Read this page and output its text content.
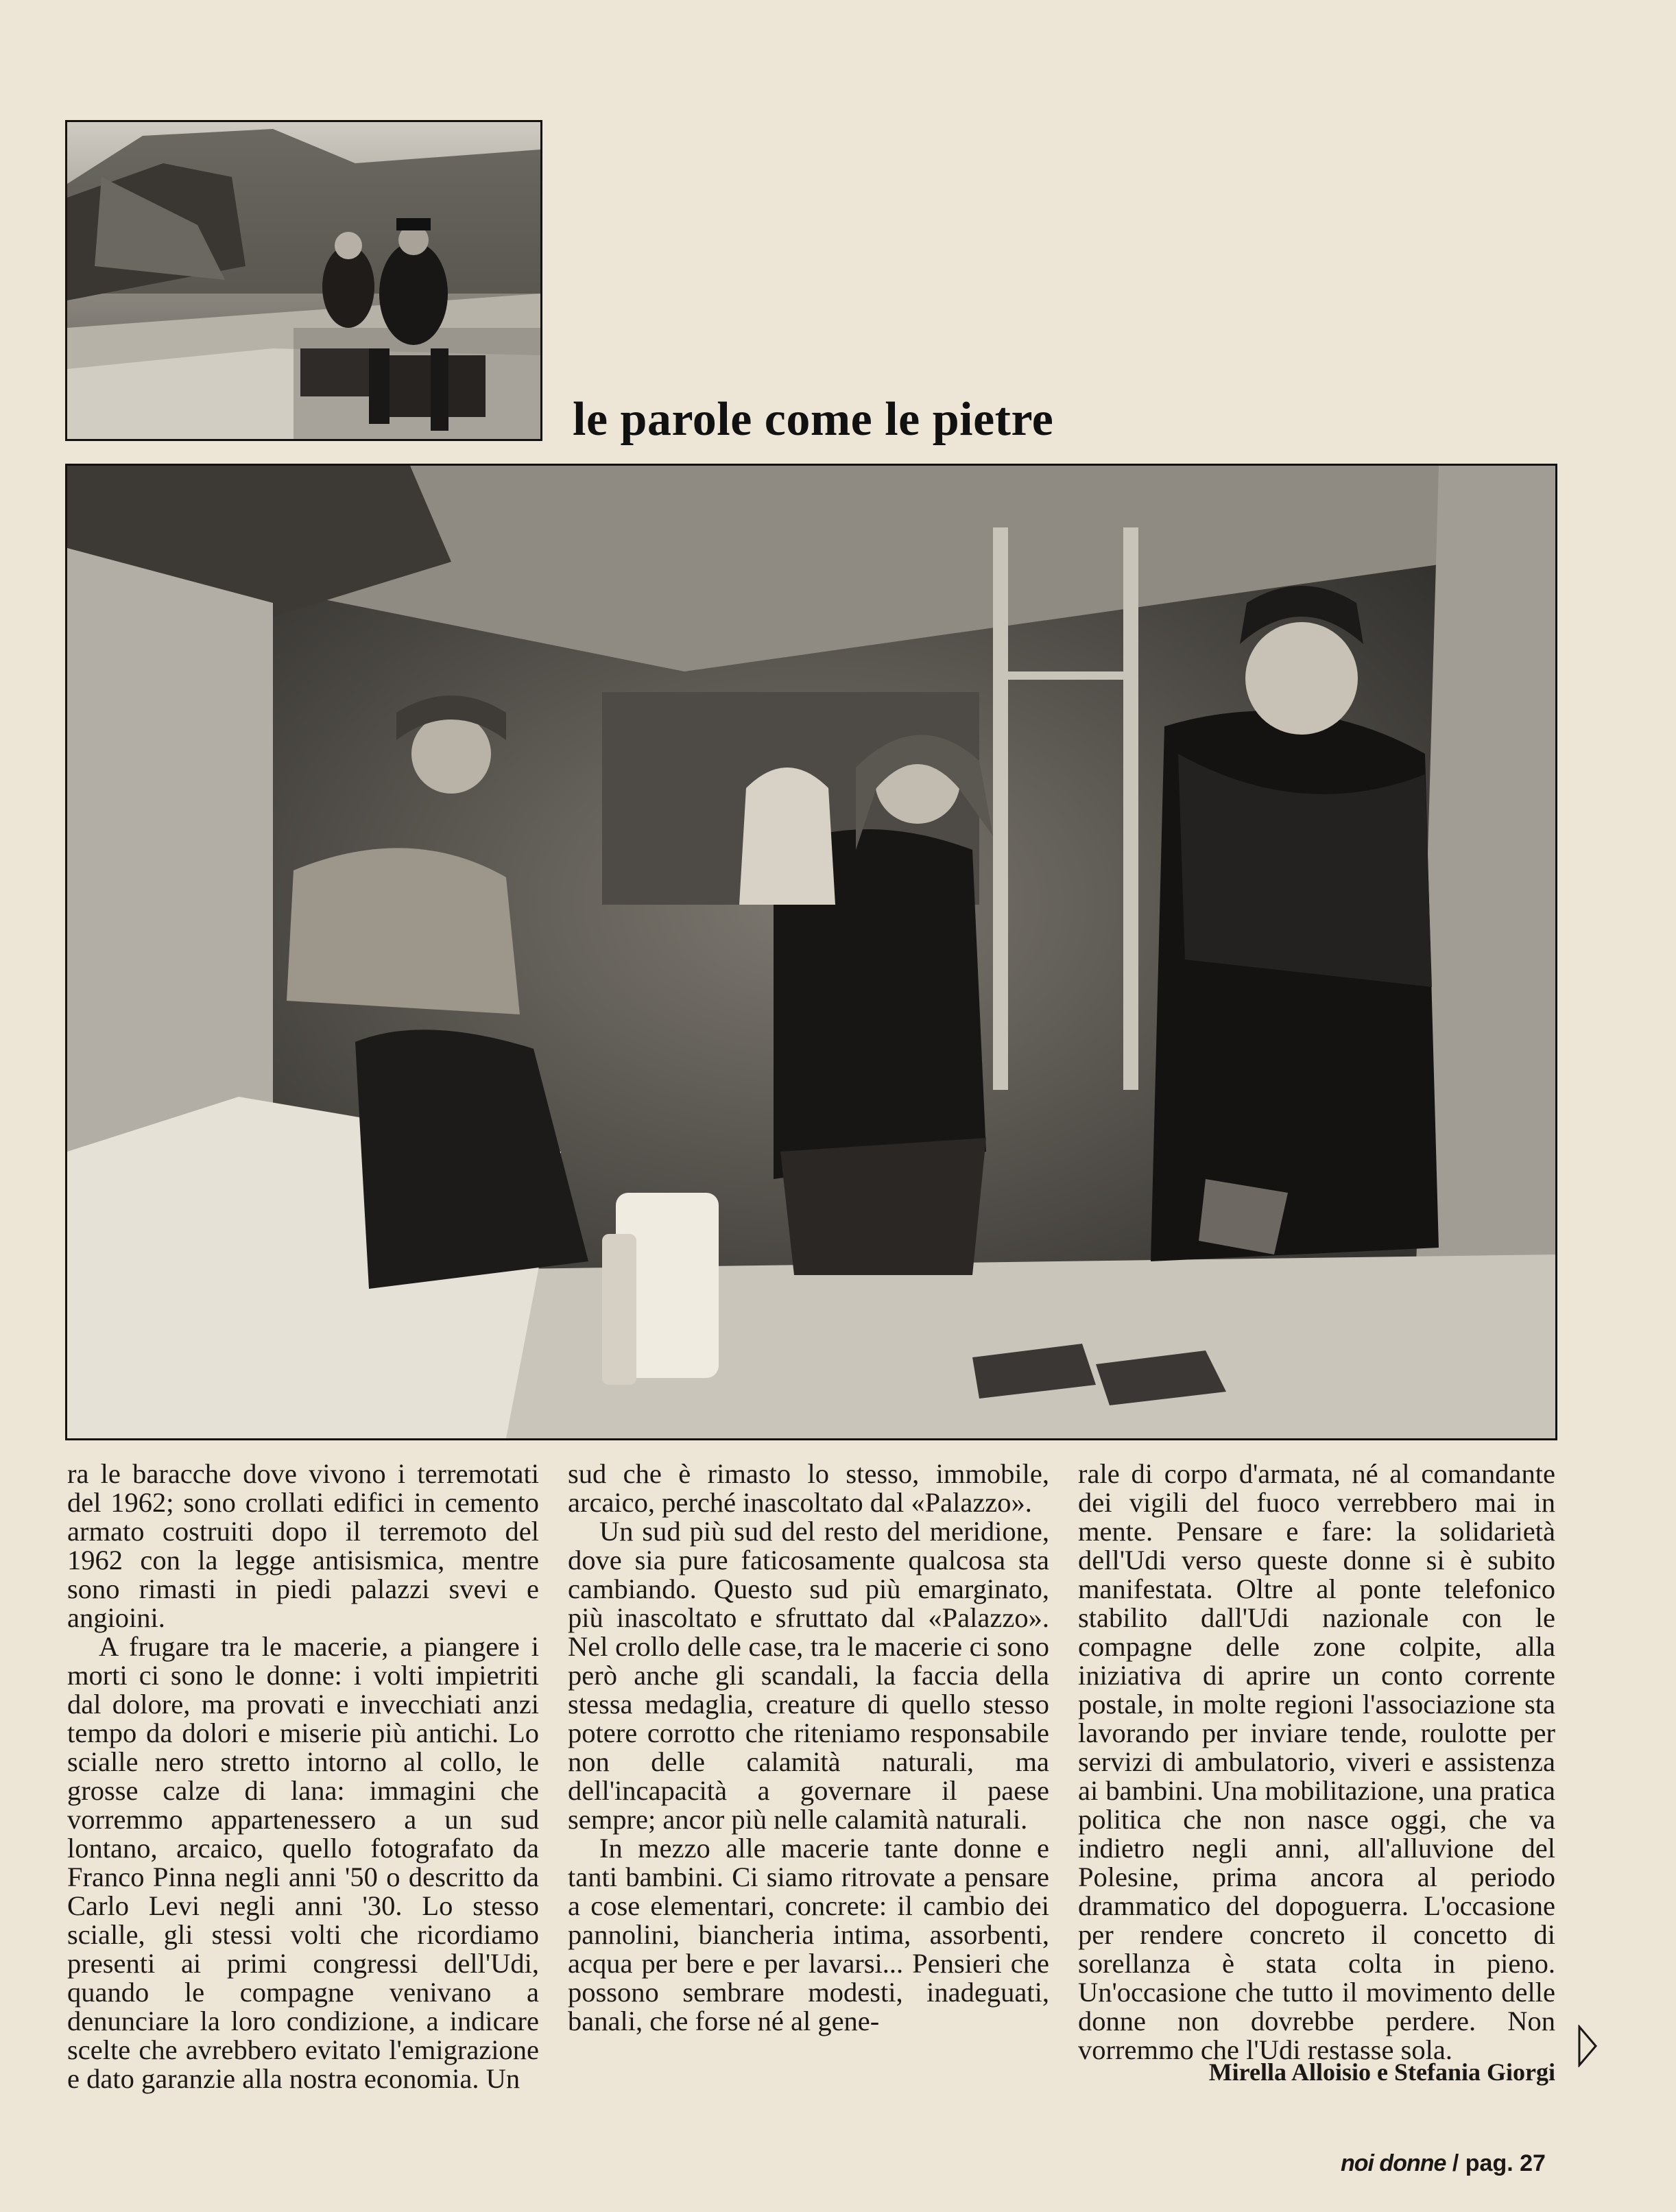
le parole come le pietre

ra le baracche dove vivono i terremotati del 1962; sono crollati edifici in cemento armato costruiti dopo il terremoto del 1962 con la legge antisismica, mentre sono rimasti in piedi palazzi svevi e angioini.

A frugare tra le macerie, a piangere i morti ci sono le donne: i volti impietriti dal dolore, ma provati e invecchiati anzi tempo da dolori e miserie più antichi. Lo scialle nero stretto intorno al collo, le grosse calze di lana: immagini che vorremmo appartenessero a un sud lontano, arcaico, quello fotografato da Franco Pinna negli anni '50 o descritto da Carlo Levi negli anni '30. Lo stesso scialle, gli stessi volti che ricordiamo presenti ai primi congressi dell'Udi, quando le compagne venivano a denunciare la loro condizione, a indicare scelte che avrebbero evitato l'emigrazione e dato garanzie alla nostra economia. Un

sud che è rimasto lo stesso, immobile, arcaico, perché inascoltato dal «Palazzo».

Un sud più sud del resto del meridione, dove sia pure faticosamente qualcosa sta cambiando. Questo sud più emarginato, più inascoltato e sfruttato dal «Palazzo». Nel crollo delle case, tra le macerie ci sono però anche gli scandali, la faccia della stessa medaglia, creature di quello stesso potere corrotto che riteniamo responsabile non delle calamità naturali, ma dell'incapacità a governare il paese sempre; ancor più nelle calamità naturali.

In mezzo alle macerie tante donne e tanti bambini. Ci siamo ritrovate a pensare a cose elementari, concrete: il cambio dei pannolini, biancheria intima, assorbenti, acqua per bere e per lavarsi... Pensieri che possono sembrare modesti, inadeguati, banali, che forse né al gene-

rale di corpo d'armata, né al comandante dei vigili del fuoco verrebbero mai in mente. Pensare e fare: la solidarietà dell'Udi verso queste donne si è subito manifestata. Oltre al ponte telefonico stabilito dall'Udi nazionale con le compagne delle zone colpite, alla iniziativa di aprire un conto corrente postale, in molte regioni l'associazione sta lavorando per inviare tende, roulotte per servizi di ambulatorio, viveri e assistenza ai bambini. Una mobilitazione, una pratica politica che non nasce oggi, che va indietro negli anni, all'alluvione del Polesine, prima ancora al periodo drammatico del dopoguerra. L'occasione per rendere concreto il concetto di sorellanza è stata colta in pieno. Un'occasione che tutto il movimento delle donne non dovrebbe perdere. Non vorremmo che l'Udi restasse sola.

Mirella Alloisio e Stefania Giorgi
noi donne / pag. 27
